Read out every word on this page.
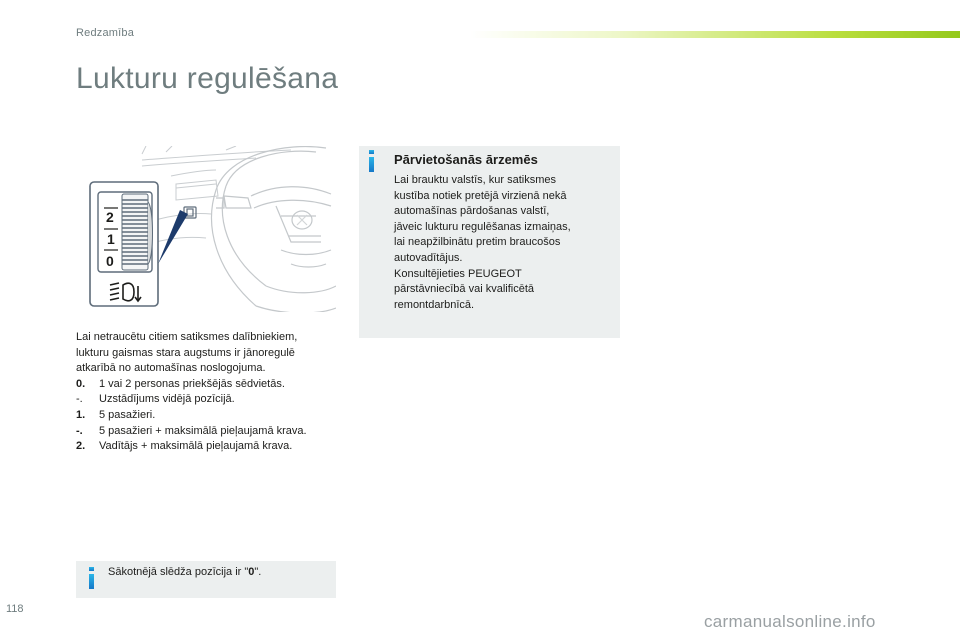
Redzamība
Lukturu regulēšana
2
1
0
Lai netraucētu citiem satiksmes dalībniekiem,
lukturu gaismas stara augstums ir jānoregulē
atkarībā no automašīnas noslogojuma.
0.	1 vai 2 personas priekšējās sēdvietās.
-.	Uzstādījums vidējā pozīcijā.
1.	5 pasažieri.
-.	5 pasažieri + maksimālā pieļaujamā krava.
2.	Vadītājs + maksimālā pieļaujamā krava.
Sākotnējā slēdža pozīcija ir "0".
Pārvietošanās ārzemēs
Lai brauktu valstīs, kur satiksmes
kustība notiek pretējā virzienā nekā
automašīnas pārdošanas valstī,
jāveic lukturu regulēšanas izmaiņas,
lai neapžilbinātu pretim braucošos
autovadītājus.
Konsultējieties PEUGEOT
pārstāvniecībā vai kvalificētā
remontdarbnīcā.
118
carmanualsonline.info
